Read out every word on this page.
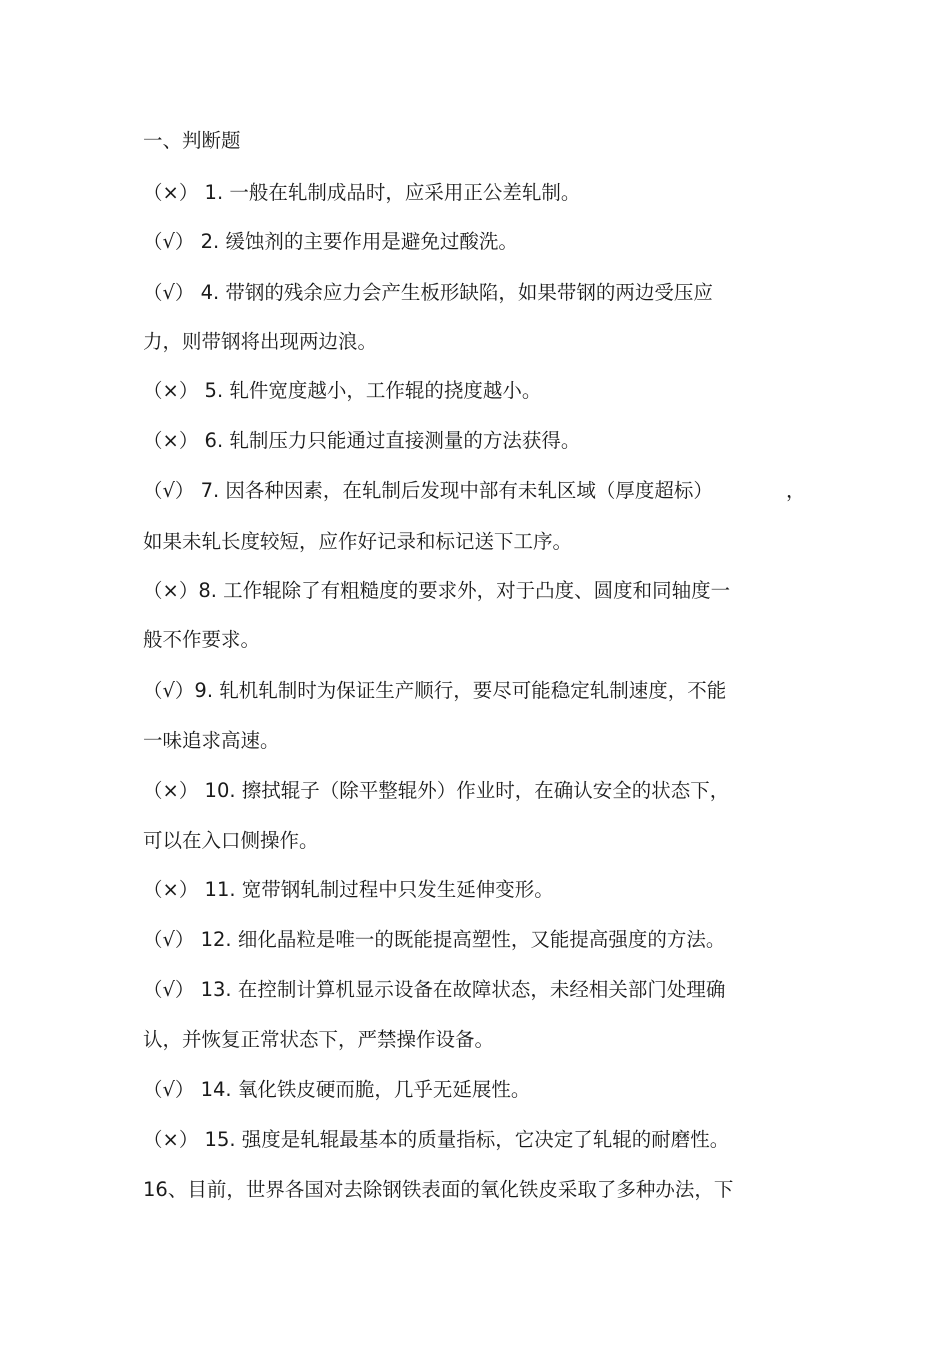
一、判断题
（×） 1. 一般在轧制成品时，应采用正公差轧制。
（√） 2. 缓蚀剂的主要作用是避免过酸洗。
（√） 4. 带钢的残余应力会产生板形缺陷，如果带钢的两边受压应
力，则带钢将出现两边浪。
（×） 5. 轧件宽度越小，工作辊的挠度越小。
（×） 6. 轧制压力只能通过直接测量的方法获得。
（√） 7. 因各种因素，在轧制后发现中部有未轧区域（厚度超标）	，
如果未轧长度较短，应作好记录和标记送下工序。
（×）8. 工作辊除了有粗糙度的要求外，对于凸度、圆度和同轴度一
般不作要求。
（√）9. 轧机轧制时为保证生产顺行，要尽可能稳定轧制速度，不能
一味追求高速。
（×） 10. 擦拭辊子（除平整辊外）作业时，在确认安全的状态下，
可以在入口侧操作。
（×） 11. 宽带钢轧制过程中只发生延伸变形。
（√） 12. 细化晶粒是唯一的既能提高塑性，又能提高强度的方法。
（√） 13. 在控制计算机显示设备在故障状态，未经相关部门处理确
认，并恢复正常状态下，严禁操作设备。
（√） 14. 氧化铁皮硬而脆，几乎无延展性。
（×） 15. 强度是轧辊最基本的质量指标，它决定了轧辊的耐磨性。
16、目前，世界各国对去除钢铁表面的氧化铁皮采取了多种办法，下
